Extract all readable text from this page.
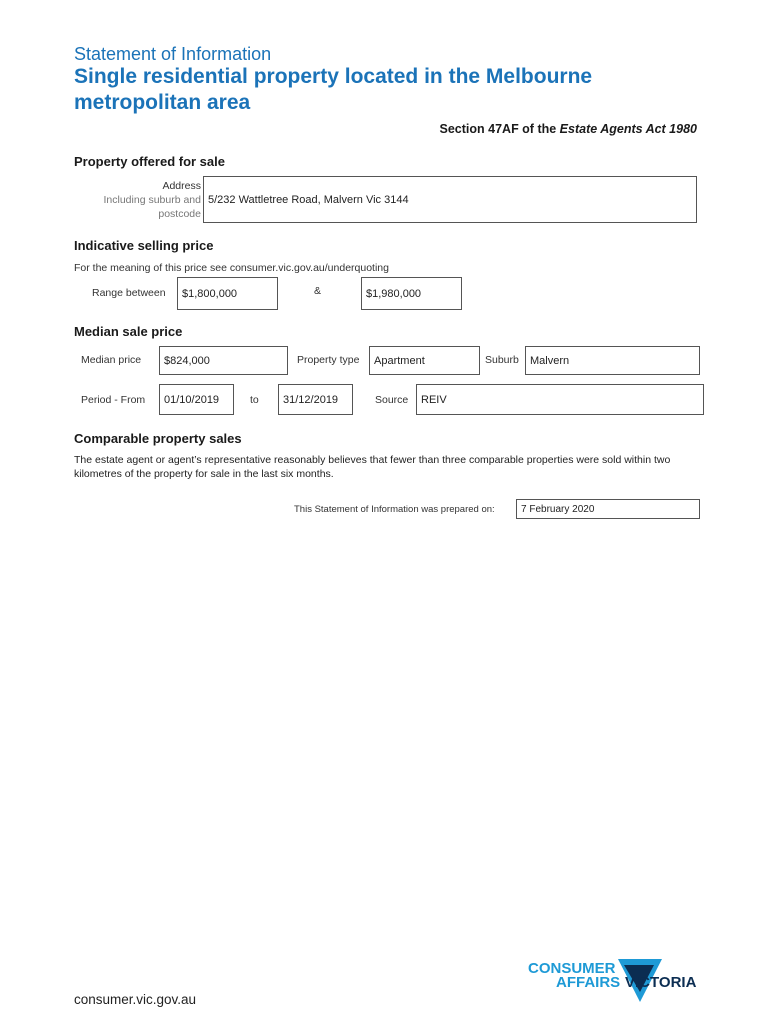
Statement of Information
Single residential property located in the Melbourne metropolitan area
Section 47AF of the Estate Agents Act 1980
Property offered for sale
Address
Including suburb and
postcode
5/232 Wattletree Road, Malvern Vic 3144
Indicative selling price
For the meaning of this price see consumer.vic.gov.au/underquoting
Range between	$1,800,000	&	$1,980,000
Median sale price
Median price	$824,000	Property type	Apartment	Suburb	Malvern
Period - From	01/10/2019	to	31/12/2019	Source	REIV
Comparable property sales
The estate agent or agent’s representative reasonably believes that fewer than three comparable properties were sold within two kilometres of the property for sale in the last six months.
This Statement of Information was prepared on:	7 February 2020
consumer.vic.gov.au
CONSUMER
AFFAIRS VICTORIA
